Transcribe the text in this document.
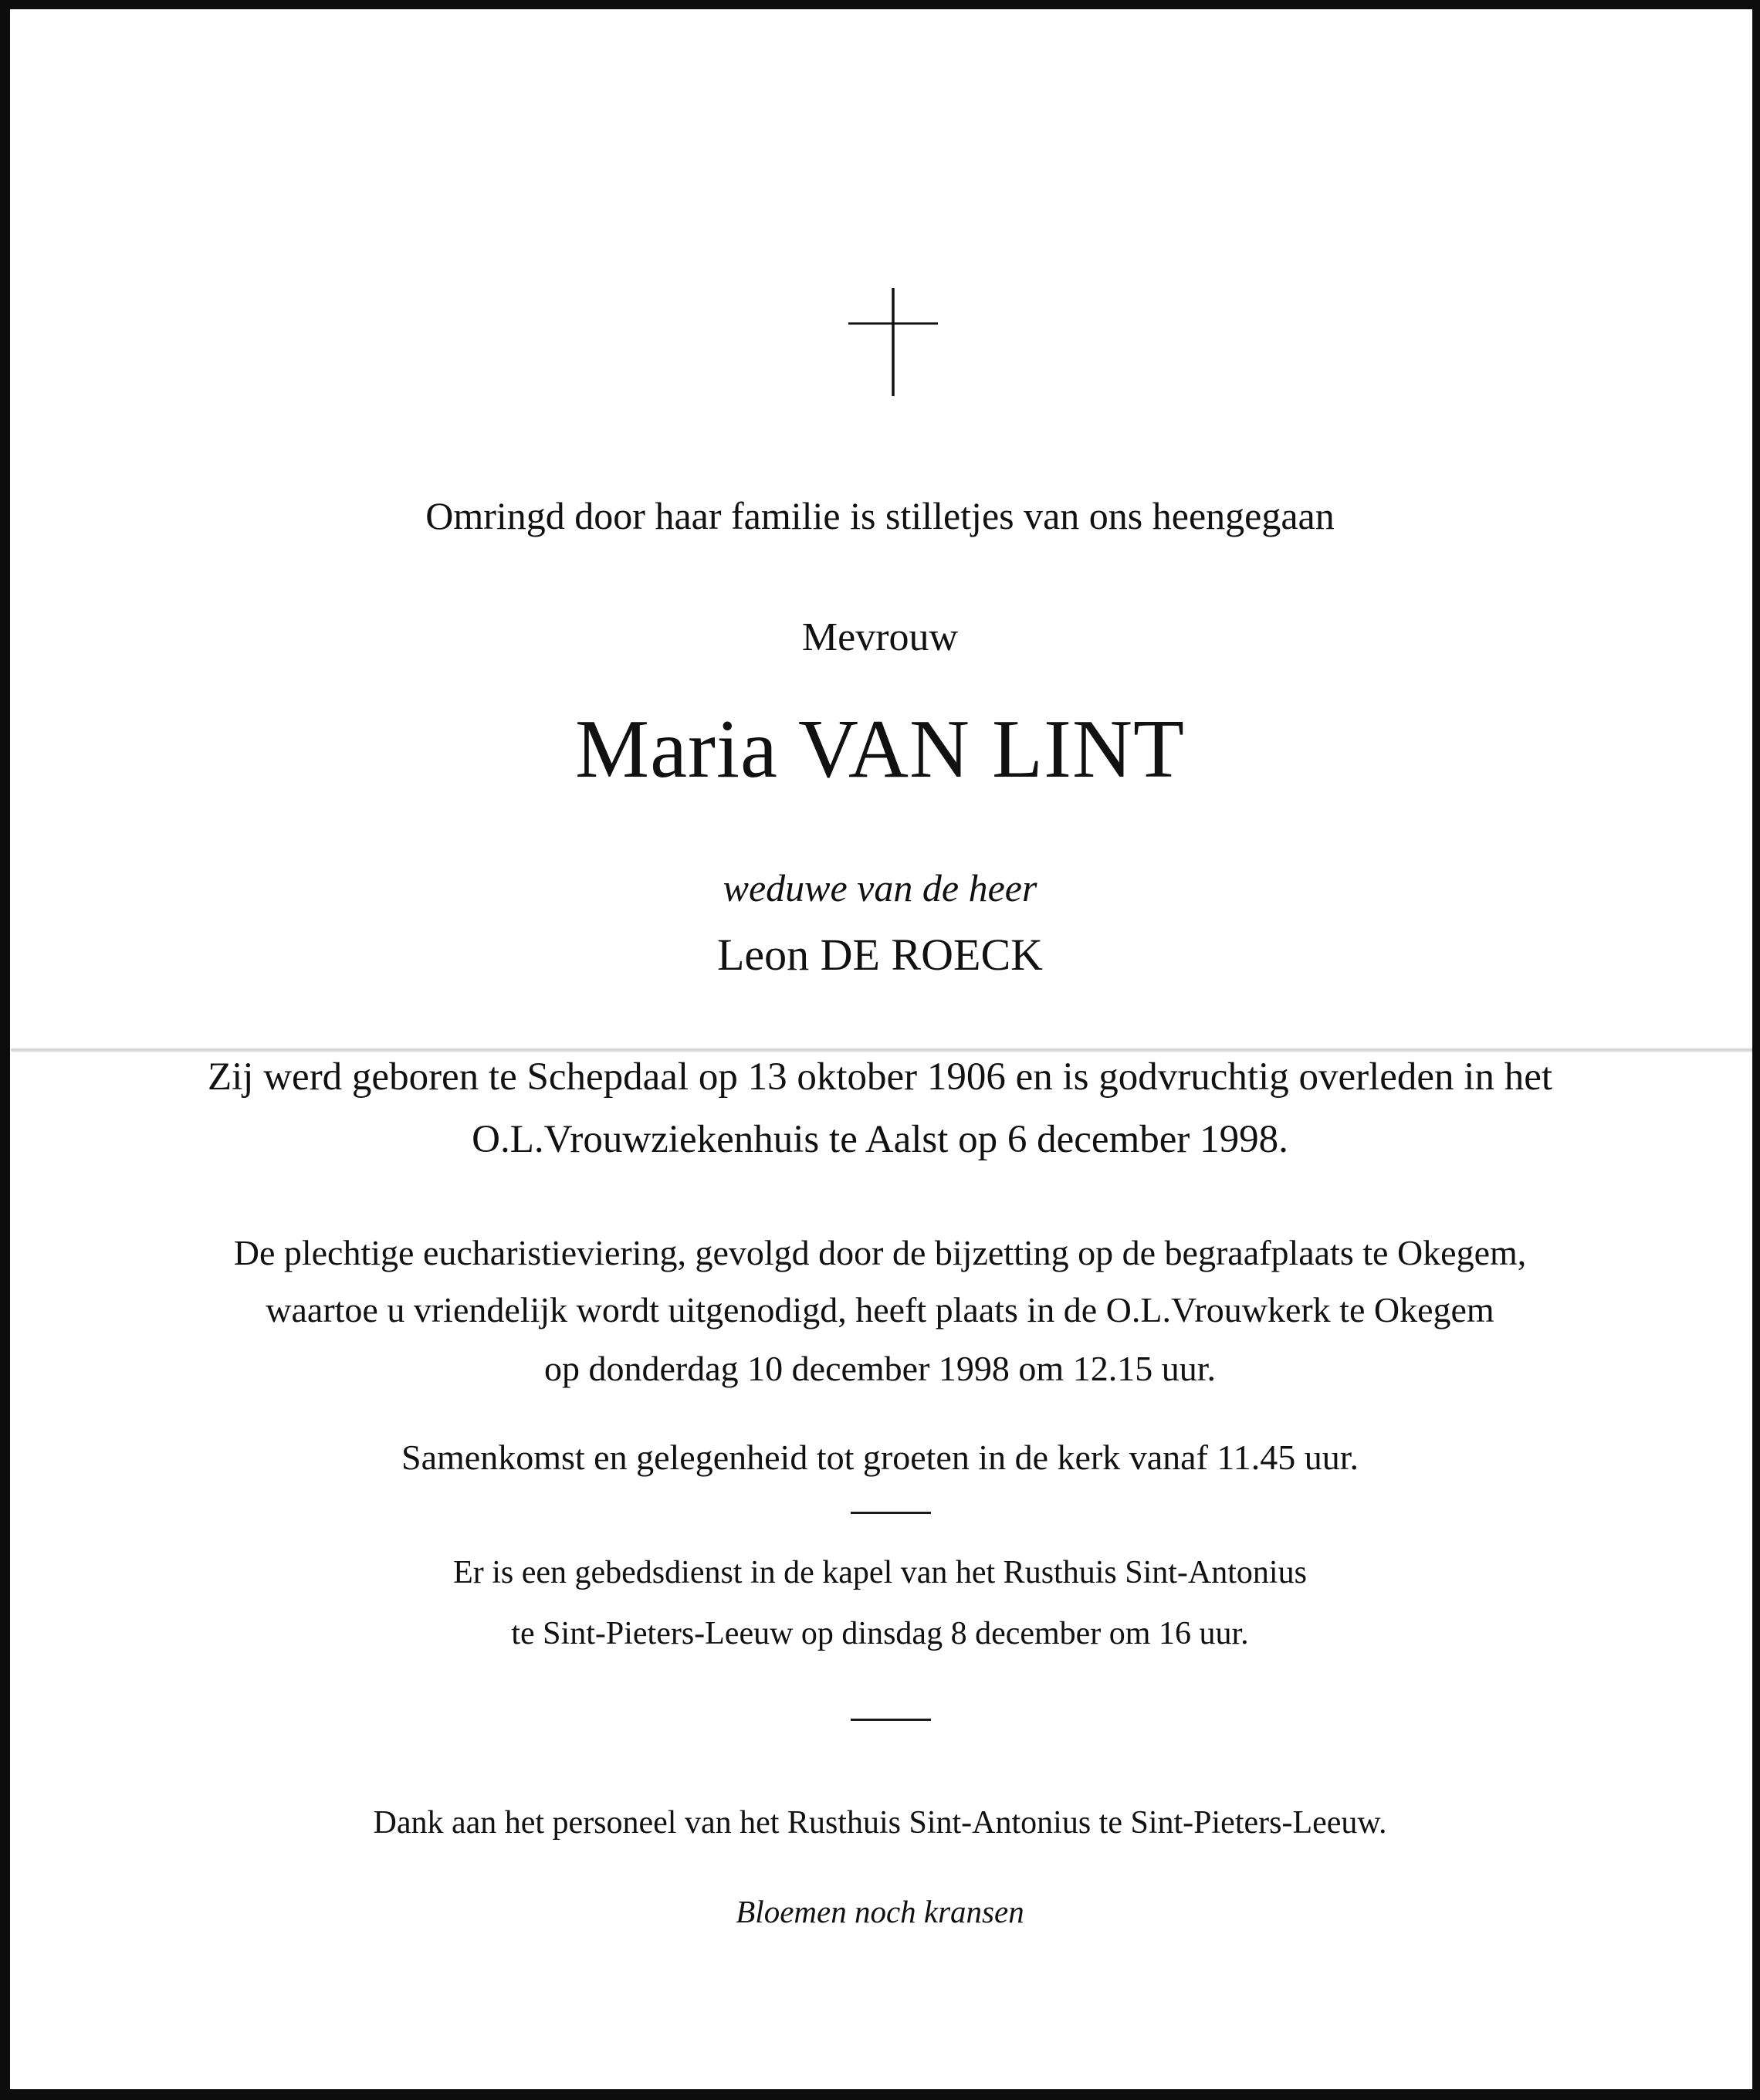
Omringd door haar familie is stilletjes van ons heengegaan
Mevrouw
Maria VAN LINT
weduwe van de heer
Leon DE ROECK
Zij werd geboren te Schepdaal op 13 oktober 1906 en is godvruchtig overleden in het
O.L.Vrouwziekenhuis te Aalst op 6 december 1998.
De plechtige eucharistieviering, gevolgd door de bijzetting op de begraafplaats te Okegem,
waartoe u vriendelijk wordt uitgenodigd, heeft plaats in de O.L.Vrouwkerk te Okegem
op donderdag 10 december 1998 om 12.15 uur.
Samenkomst en gelegenheid tot groeten in de kerk vanaf 11.45 uur.
Er is een gebedsdienst in de kapel van het Rusthuis Sint-Antonius
te Sint-Pieters-Leeuw op dinsdag 8 december om 16 uur.
Dank aan het personeel van het Rusthuis Sint-Antonius te Sint-Pieters-Leeuw.
Bloemen noch kransen
